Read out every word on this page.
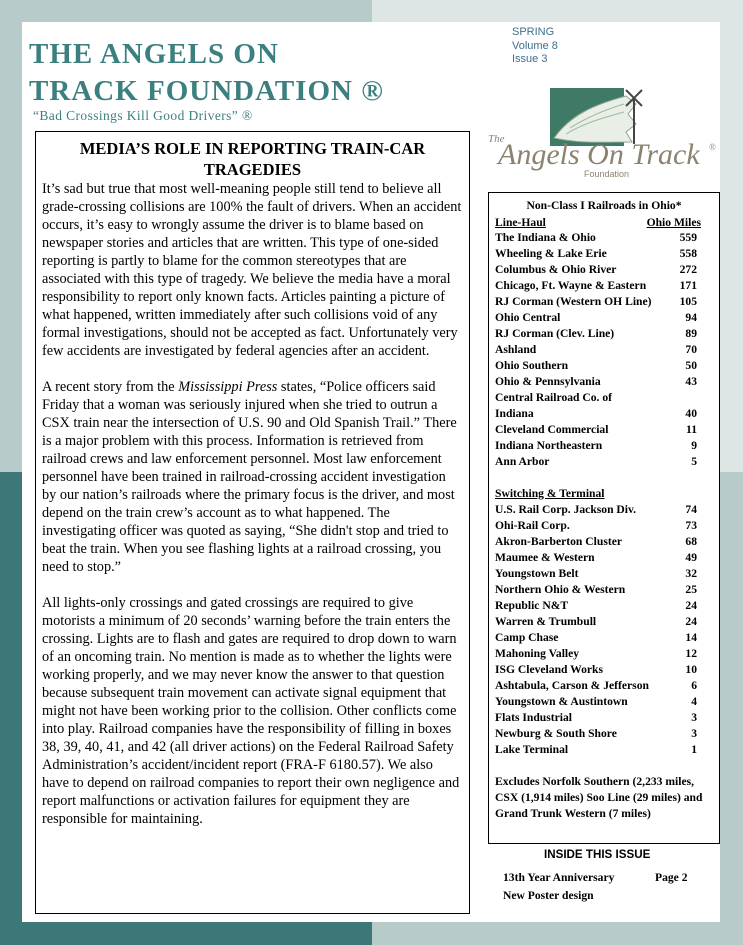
THE ANGELS ON
TRACK FOUNDATION ®
“Bad Crossings Kill Good Drivers” ®
SPRING
Volume 8
Issue 3
The
Angels On Track ®
Foundation
MEDIA’S ROLE IN REPORTING TRAIN-CAR TRAGEDIES

It’s sad but true that most well-meaning people still tend to believe all grade-crossing collisions are 100% the fault of drivers. When an accident occurs, it’s easy to wrongly assume the driver is to blame based on newspaper stories and articles that are written. This type of one-sided reporting is partly to blame for the common stereotypes that are associated with this type of tragedy. We believe the media have a moral responsibility to report only known facts. Articles painting a picture of what happened, written immediately after such collisions void of any formal investigations, should not be accepted as fact. Unfortunately very few accidents are investigated by federal agencies after an accident.

A recent story from the Mississippi Press states, “Police officers said Friday that a woman was seriously injured when she tried to outrun a CSX train near the intersection of U.S. 90 and Old Spanish Trail.” There is a major problem with this process. Information is retrieved from railroad crews and law enforcement personnel. Most law enforcement personnel have been trained in railroad-crossing accident investigation by our nation’s railroads where the primary focus is the driver, and most depend on the train crew’s account as to what happened. The investigating officer was quoted as saying, “She didn't stop and tried to beat the train. When you see flashing lights at a railroad crossing, you need to stop.”

All lights-only crossings and gated crossings are required to give motorists a minimum of 20 seconds’ warning before the train enters the crossing. Lights are to flash and gates are required to drop down to warn of an oncoming train. No mention is made as to whether the lights were working properly, and we may never know the answer to that question because subsequent train movement can activate signal equipment that might not have been working prior to the collision. Other conflicts come into play. Railroad companies have the responsibility of filling in boxes 38, 39, 40, 41, and 42 (all driver actions) on the Federal Railroad Safety Administration’s accident/incident report (FRA-F 6180.57). We also have to depend on railroad companies to report their own negligence and report malfunctions or activation failures for equipment they are responsible for maintaining.

Non-Class I Railroads in Ohio*
Line-Haul	Ohio Miles
The Indiana & Ohio	559
Wheeling & Lake Erie	558
Columbus & Ohio River	272
Chicago, Ft. Wayne & Eastern	171
RJ Corman (Western OH Line)	105
Ohio Central	94
RJ Corman (Clev. Line)	89
Ashland	70
Ohio Southern	50
Ohio & Pennsylvania	43
Central Railroad Co. of
Indiana	40
Cleveland Commercial	11
Indiana Northeastern	9
Ann Arbor	5
Switching & Terminal
U.S. Rail Corp. Jackson Div.	74
Ohi-Rail Corp.	73
Akron-Barberton Cluster	68
Maumee & Western	49
Youngstown Belt	32
Northern Ohio & Western	25
Republic N&T	24
Warren & Trumbull	24
Camp Chase	14
Mahoning Valley	12
ISG Cleveland Works	10
Ashtabula, Carson & Jefferson	6
Youngstown & Austintown	4
Flats Industrial	3
Newburg & South Shore	3
Lake Terminal	1
Excludes Norfolk Southern (2,233 miles, CSX (1,914 miles) Soo Line (29 miles) and Grand Trunk Western (7 miles)
INSIDE THIS ISSUE
13th Year Anniversary	Page 2
New Poster design
